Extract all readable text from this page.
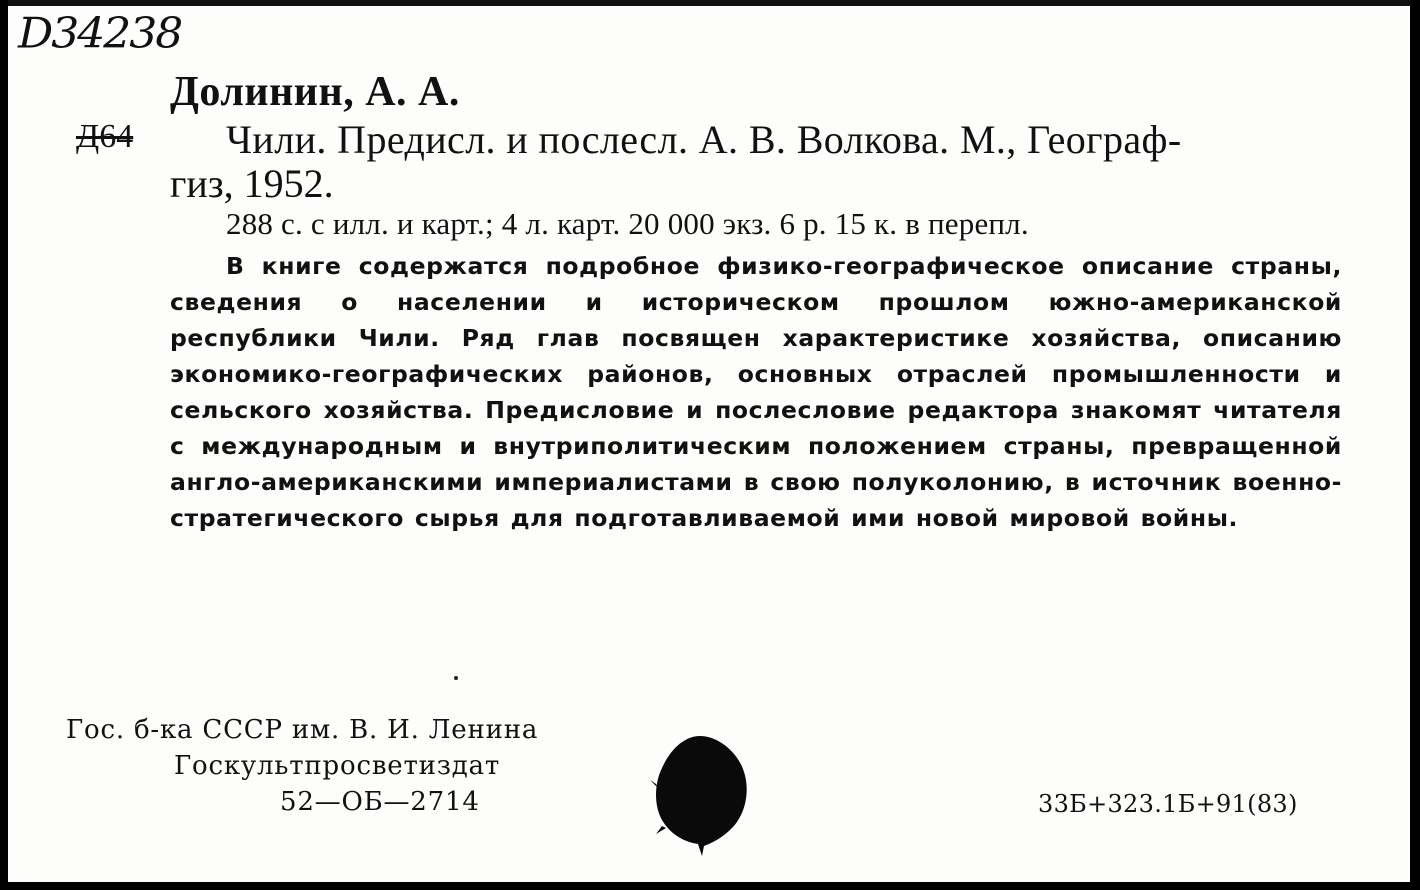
D34238
Долинин, А. А.
Д64 Чили. Предисл. и послесл. А. В. Волкова. М., Географ-
гиз, 1952.
288 с. с илл. и карт.; 4 л. карт. 20 000 экз. 6 р. 15 к. в перепл.
В книге содержатся подробное физико-географическое описание страны, сведения о населении и историческом прошлом южно-американской республики Чили. Ряд глав посвящен характеристике хозяйства, описанию экономико-географических районов, основных отраслей промышленности и сельского хозяйства. Предисловие и послесловие редактора знакомят читателя с международным и внутриполитическим положением страны, превращенной англо-американскими империалистами в свою полуколонию, в источник военно-стратегического сырья для подготавливаемой ими новой мировой войны.
Гос. б-ка СССР им. В. И. Ленина
Госкультпросветиздат
52—ОБ—2714	33Б+323.1Б+91(83)
